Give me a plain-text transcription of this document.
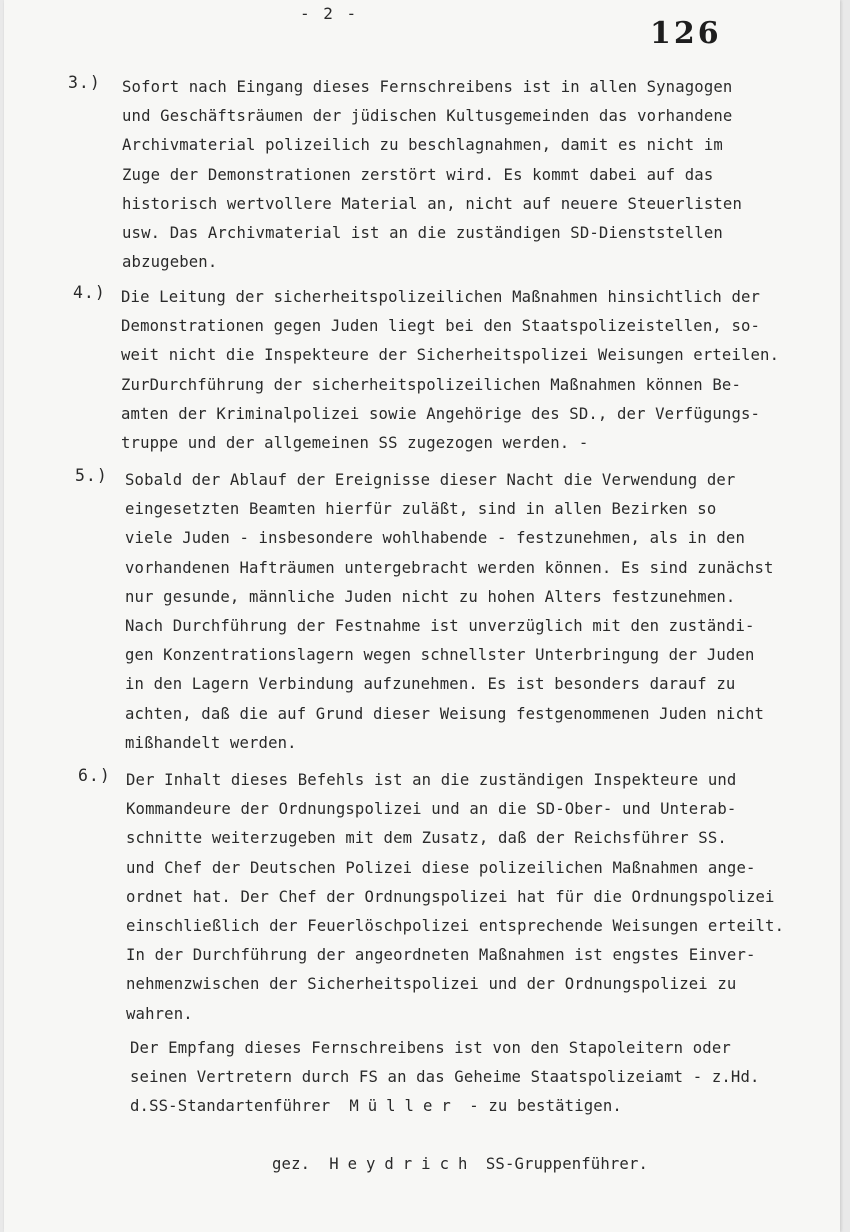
- 2 -
126
3.) Sofort nach Eingang dieses Fernschreibens ist in allen Synagogen
und Geschäftsräumen der jüdischen Kultusgemeinden das vorhandene
Archivmaterial polizeilich zu beschlagnahmen, damit es nicht im
Zuge der Demonstrationen zerstört wird. Es kommt dabei auf das
historisch wertvollere Material an, nicht auf neuere Steuerlisten
usw. Das Archivmaterial ist an die zuständigen SD-Dienststellen
abzugeben.
4.) Die Leitung der sicherheitspolizeilichen Maßnahmen hinsichtlich der
Demonstrationen gegen Juden liegt bei den Staatspolizeistellen, so-
weit nicht die Inspekteure der Sicherheitspolizei Weisungen erteilen.
ZurDurchführung der sicherheitspolizeilichen Maßnahmen können Be-
amten der Kriminalpolizei sowie Angehörige des SD., der Verfügungs-
truppe und der allgemeinen SS zugezogen werden. -
5.) Sobald der Ablauf der Ereignisse dieser Nacht die Verwendung der
eingesetzten Beamten hierfür zuläßt, sind in allen Bezirken so
viele Juden - insbesondere wohlhabende - festzunehmen, als in den
vorhandenen Hafträumen untergebracht werden können. Es sind zunächst
nur gesunde, männliche Juden nicht zu hohen Alters festzunehmen.
Nach Durchführung der Festnahme ist unverzüglich mit den zuständi-
gen Konzentrationslagern wegen schnellster Unterbringung der Juden
in den Lagern Verbindung aufzunehmen. Es ist besonders darauf zu
achten, daß die auf Grund dieser Weisung festgenommenen Juden nicht
mißhandelt werden.
6.) Der Inhalt dieses Befehls ist an die zuständigen Inspekteure und
Kommandeure der Ordnungspolizei und an die SD-Ober- und Unterab-
schnitte weiterzugeben mit dem Zusatz, daß der Reichsführer SS.
und Chef der Deutschen Polizei diese polizeilichen Maßnahmen ange-
ordnet hat. Der Chef der Ordnungspolizei hat für die Ordnungspolizei
einschließlich der Feuerlöschpolizei entsprechende Weisungen erteilt.
In der Durchführung der angeordneten Maßnahmen ist engstes Einver-
nehmenzwischen der Sicherheitspolizei und der Ordnungspolizei zu
wahren.
Der Empfang dieses Fernschreibens ist von den Stapoleitern oder
seinen Vertretern durch FS an das Geheime Staatspolizeiamt - z.Hd.
d.SS-Standartenführer Müller - zu bestätigen.
gez. Heydrich SS-Gruppenführer.
